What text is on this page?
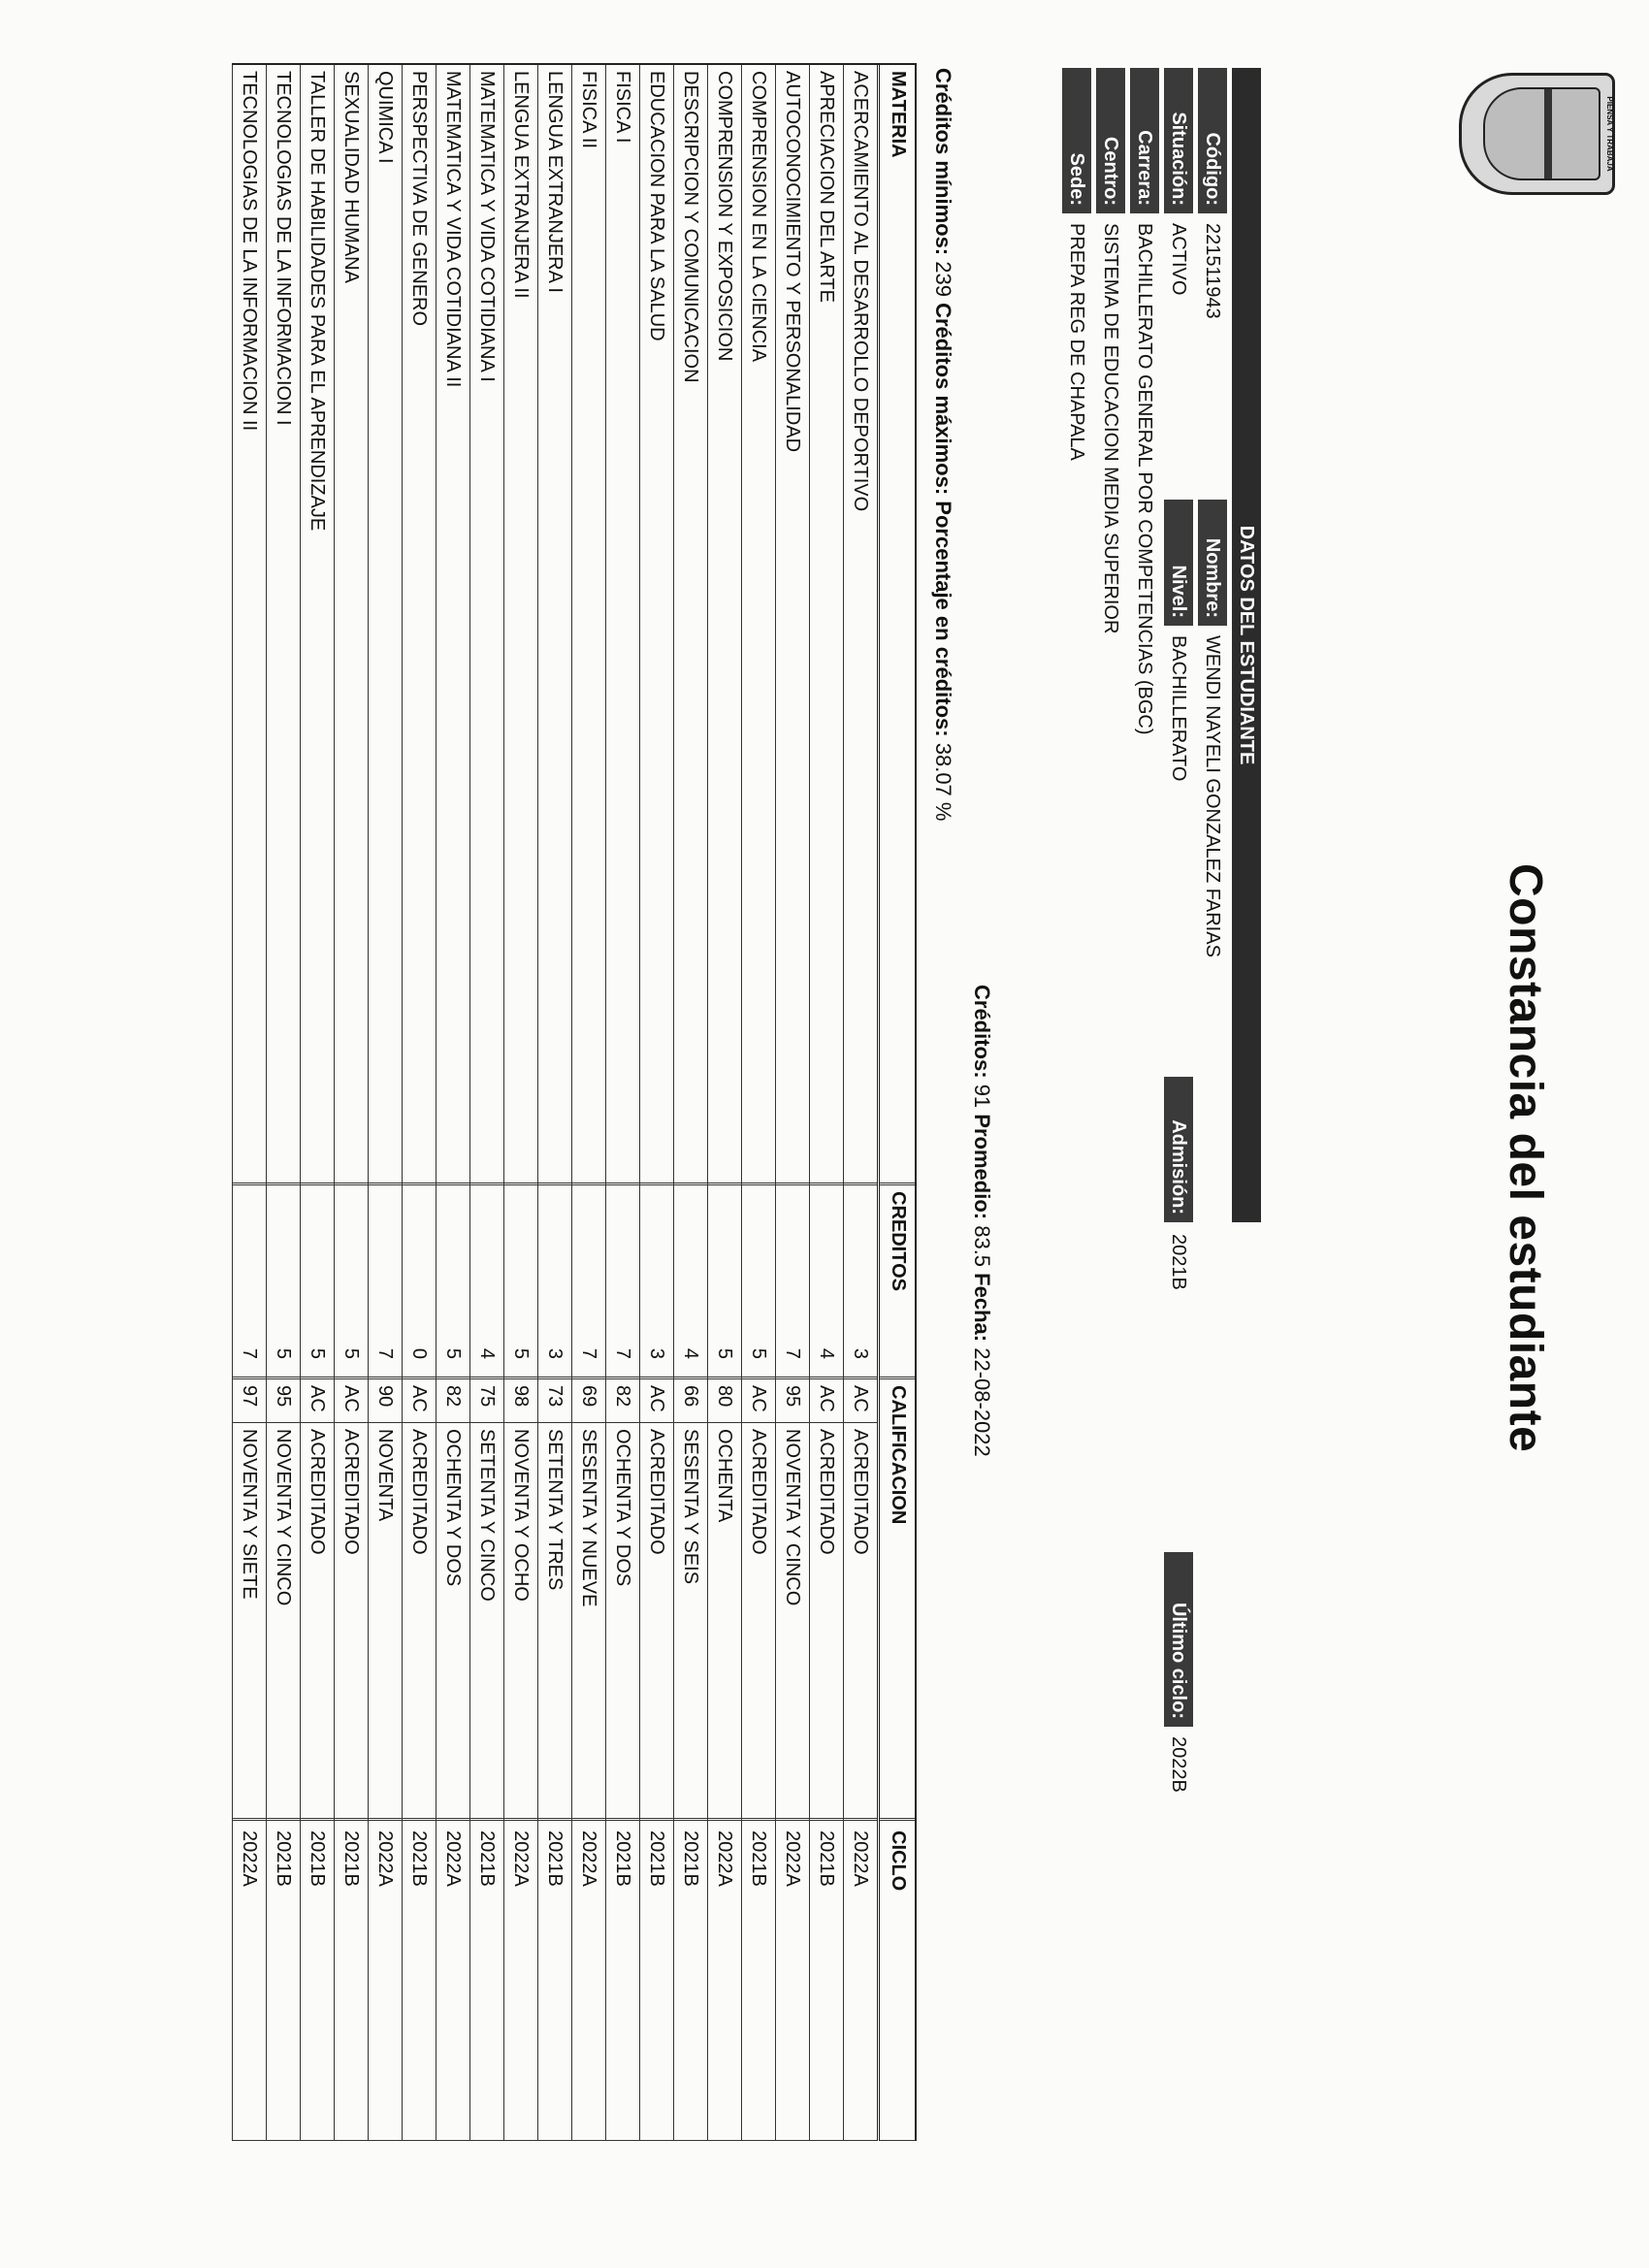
PIENSA Y TRABAJA
Constancia del estudiante
DATOS DEL ESTUDIANTE
Código:
221511943
Nombre:
WENDI NAYELI GONZALEZ FARIAS
Situación:
ACTIVO
Nivel:
BACHILLERATO
Admisión:
2021B
Último ciclo:
2022B
Carrera:
BACHILLERATO GENERAL POR COMPETENCIAS (BGC)
Centro:
SISTEMA DE EDUCACION MEDIA SUPERIOR
Sede:
PREPA REG DE CHAPALA
Créditos: 91 Promedio: 83.5 Fecha: 22-08-2022
Créditos mínimos: 239 Créditos máximos: Porcentaje en créditos: 38.07 %
MATERIA
CREDITOS
CALIFICACION
CICLO
ACERCAMIENTO AL DESARROLLO DEPORTIVO
3
AC
ACREDITADO
2022A
APRECIACION DEL ARTE
4
AC
ACREDITADO
2021B
AUTOCONOCIMIENTO Y PERSONALIDAD
7
95
NOVENTA Y CINCO
2022A
COMPRENSION EN LA CIENCIA
5
AC
ACREDITADO
2021B
COMPRENSION Y EXPOSICION
5
80
OCHENTA
2022A
DESCRIPCION Y COMUNICACION
4
66
SESENTA Y SEIS
2021B
EDUCACION PARA LA SALUD
3
AC
ACREDITADO
2021B
FISICA I
7
82
OCHENTA Y DOS
2021B
FISICA II
7
69
SESENTA Y NUEVE
2022A
LENGUA EXTRANJERA I
3
73
SETENTA Y TRES
2021B
LENGUA EXTRANJERA II
5
98
NOVENTA Y OCHO
2022A
MATEMATICA Y VIDA COTIDIANA I
4
75
SETENTA Y CINCO
2021B
MATEMATICA Y VIDA COTIDIANA II
5
82
OCHENTA Y DOS
2022A
PERSPECTIVA DE GENERO
0
AC
ACREDITADO
2021B
QUIMICA I
7
90
NOVENTA
2022A
SEXUALIDAD HUMANA
5
AC
ACREDITADO
2021B
TALLER DE HABILIDADES PARA EL APRENDIZAJE
5
AC
ACREDITADO
2021B
TECNOLOGIAS DE LA INFORMACION I
5
95
NOVENTA Y CINCO
2021B
TECNOLOGIAS DE LA INFORMACION II
7
97
NOVENTA Y SIETE
2022A
